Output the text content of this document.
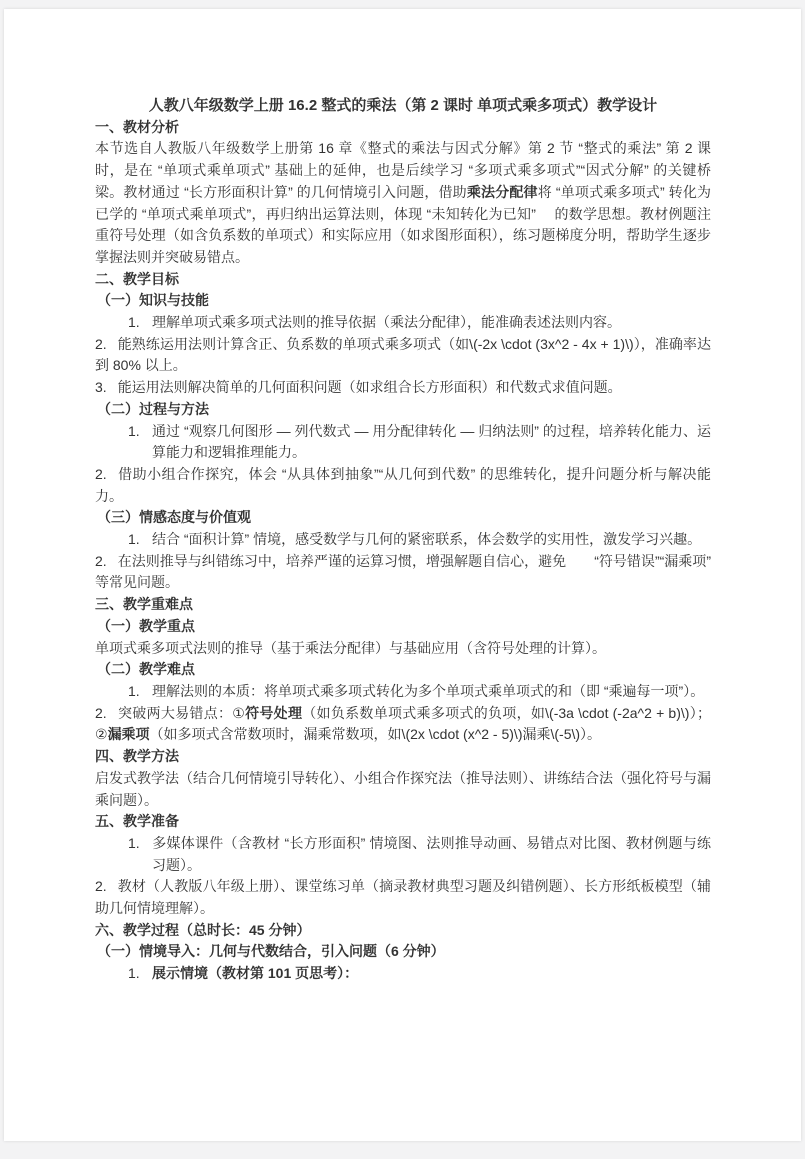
人教八年级数学上册 16.2 整式的乘法（第 2 课时 单项式乘多项式）教学设计
一、教材分析
本节选自人教版八年级数学上册第 16 章《整式的乘法与因式分解》第 2 节 “整式的乘法” 第 2 课时，是在 “单项式乘单项式” 基础上的延伸，也是后续学习 “多项式乘多项式”“因式分解” 的关键桥梁。教材通过 “长方形面积计算” 的几何情境引入问题，借助乘法分配律将 “单项式乘多项式” 转化为已学的 “单项式乘单项式”，再归纳出运算法则，体现 “未知转化为已知”　 的数学思想。教材例题注重符号处理（如含负系数的单项式）和实际应用（如求图形面积），练习题梯度分明，帮助学生逐步掌握法则并突破易错点。
二、教学目标
（一）知识与技能
1. 理解单项式乘多项式法则的推导依据（乘法分配律），能准确表述法则内容。
2. 能熟练运用法则计算含正、负系数的单项式乘多项式（如\(-2x \cdot (3x^2 - 4x + 1)\)），准确率达到 80% 以上。
3. 能运用法则解决简单的几何面积问题（如求组合长方形面积）和代数式求值问题。
（二）过程与方法
1. 通过 “观察几何图形 — 列代数式 — 用分配律转化 — 归纳法则” 的过程，培养转化能力、运算能力和逻辑推理能力。
2. 借助小组合作探究，体会 “从具体到抽象”“从几何到代数” 的思维转化，提升问题分析与解决能力。
（三）情感态度与价值观
1. 结合 “面积计算” 情境，感受数学与几何的紧密联系，体会数学的实用性，激发学习兴趣。
2. 在法则推导与纠错练习中，培养严谨的运算习惯，增强解题自信心，避免　　“符号错误”“漏乘项” 等常见问题。
三、教学重难点
（一）教学重点
单项式乘多项式法则的推导（基于乘法分配律）与基础应用（含符号处理的计算）。
（二）教学难点
1. 理解法则的本质：将单项式乘多项式转化为多个单项式乘单项式的和（即 “乘遍每一项”）。
2. 突破两大易错点：①符号处理（如负系数单项式乘多项式的负项，如\(-3a \cdot (-2a^2 + b)\)）；②漏乘项（如多项式含常数项时，漏乘常数项，如\(2x \cdot (x^2 - 5)\)漏乘\(-5\)）。
四、教学方法
启发式教学法（结合几何情境引导转化）、小组合作探究法（推导法则）、讲练结合法（强化符号与漏乘问题）。
五、教学准备
1. 多媒体课件（含教材 “长方形面积” 情境图、法则推导动画、易错点对比图、教材例题与练习题）。
2. 教材（人教版八年级上册）、课堂练习单（摘录教材典型习题及纠错例题）、长方形纸板模型（辅助几何情境理解）。
六、教学过程（总时长：45 分钟）
（一）情境导入：几何与代数结合，引入问题（6 分钟）
1. 展示情境（教材第 101 页思考）：
